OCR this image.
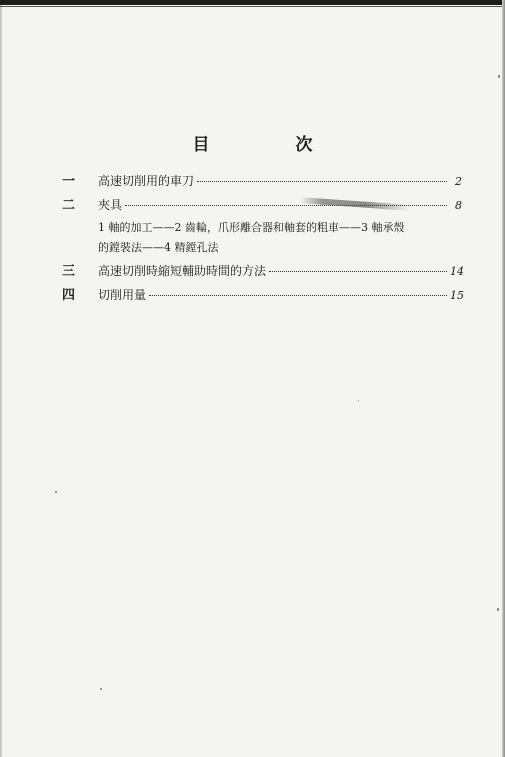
目 次
一	高速切削用的車刀	2
二	夾具	8
1 軸的加工——2 齒輪，爪形離合器和軸套的粗車——3 軸承殼
的鏜裝法——4 精鏜孔法
三	高速切削時縮短輔助時間的方法	14
四	切削用量	15
